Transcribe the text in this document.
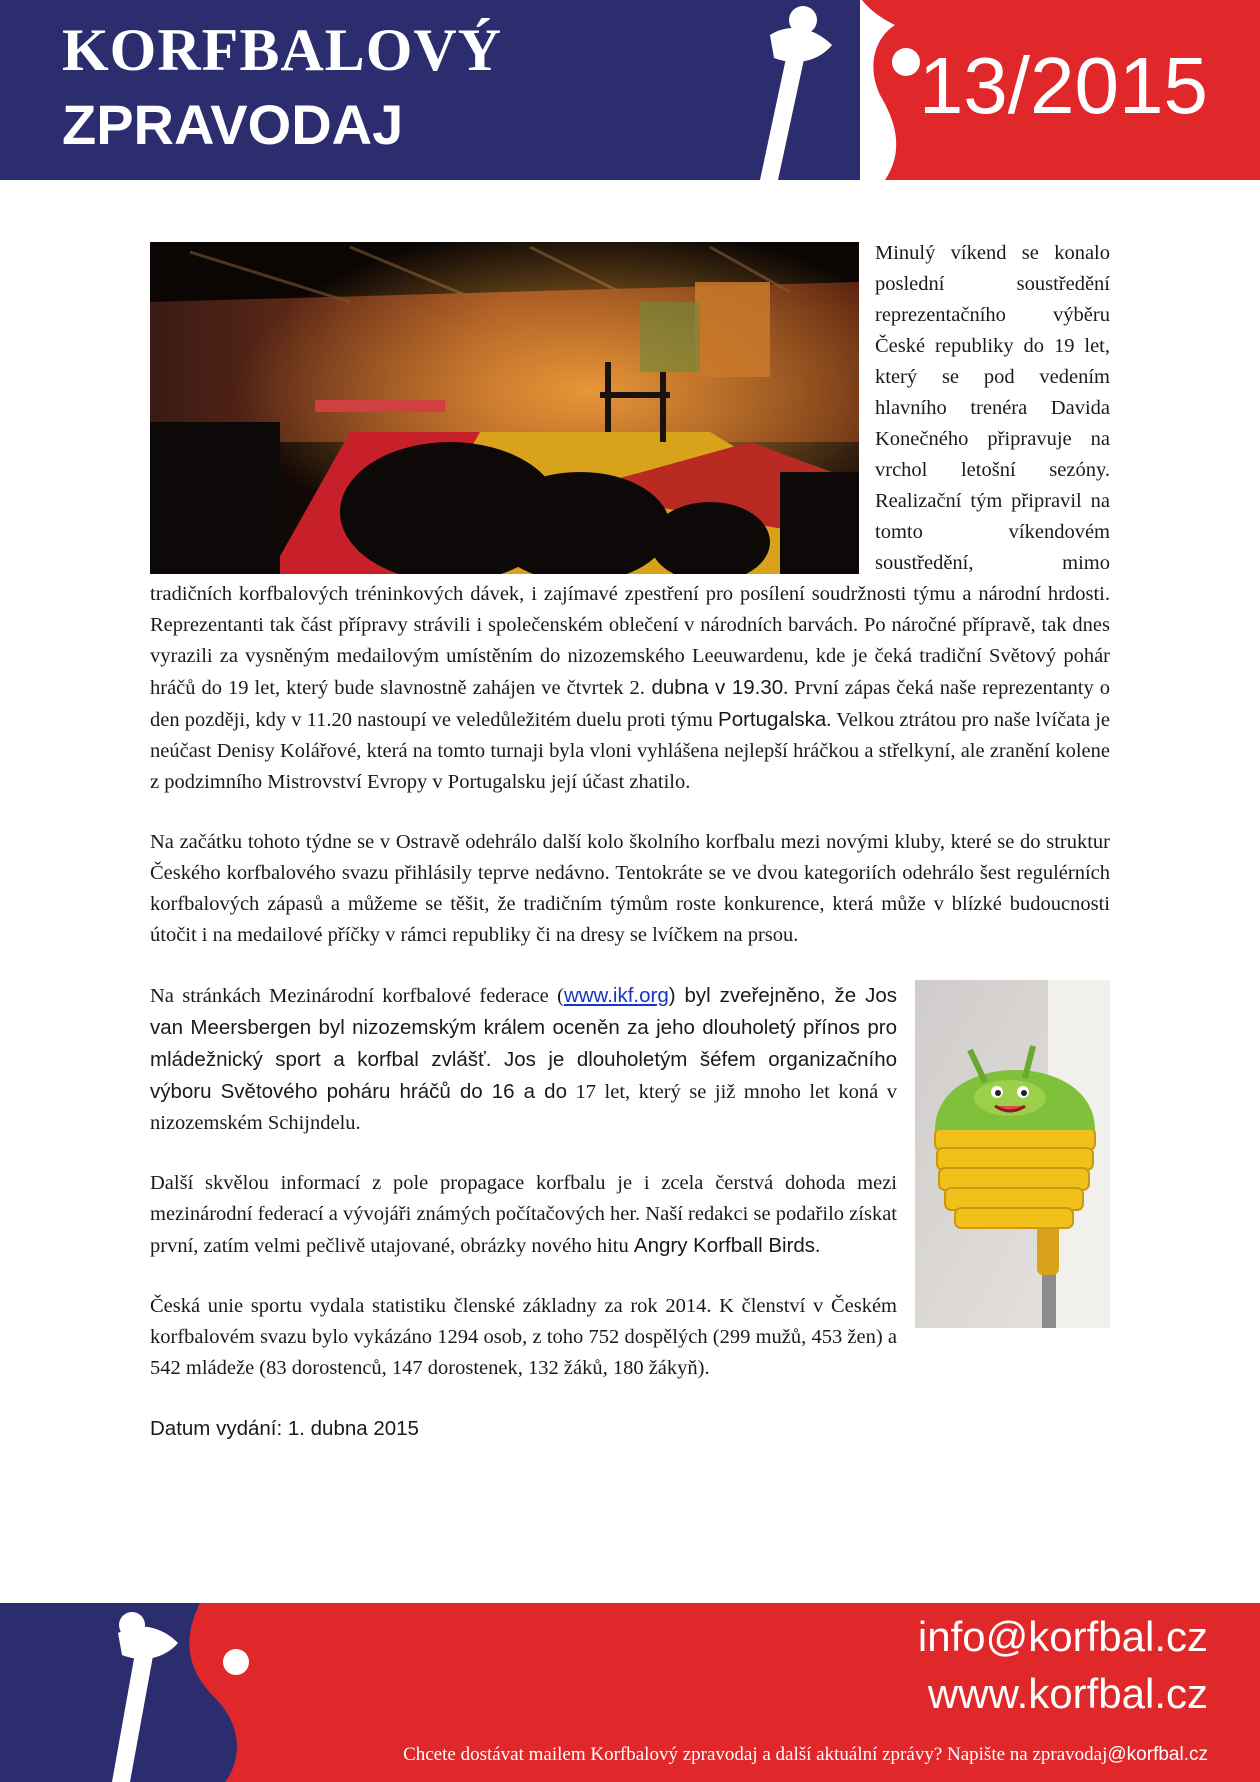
KORFBALOVÝ
ZPRAVODAJ	13/2015

Minulý víkend se konalo poslední soustředění reprezentačního výběru České republiky do 19 let, který se pod vedením hlavního trenéra Davida Konečného připravuje na vrchol letošní sezóny. Realizační tým připravil na tomto víkendovém soustředění, mimo tradičních korfbalových tréninkových dávek, i zajímavé zpestření pro posílení soudržnosti týmu a národní hrdosti. Reprezentanti tak část přípravy strávili i společenském oblečení v národních barvách. Po náročné přípravě, tak dnes vyrazili za vysněným medailovým umístěním do nizozemského Leeuwardenu, kde je čeká tradiční Světový pohár hráčů do 19 let, který bude slavnostně zahájen ve čtvrtek 2. dubna v 19.30. První zápas čeká naše reprezentanty o den později, kdy v 11.20 nastoupí ve veledůležitém duelu proti týmu Portugalska. Velkou ztrátou pro naše lvíčata je neúčast Denisy Kolářové, která na tomto turnaji byla vloni vyhlášena nejlepší hráčkou a střelkyní, ale zranění kolene z podzimního Mistrovství Evropy v Portugalsku její účast zhatilo.

Na začátku tohoto týdne se v Ostravě odehrálo další kolo školního korfbalu mezi novými kluby, které se do struktur Českého korfbalového svazu přihlásily teprve nedávno. Tentokráte se ve dvou kategoriích odehrálo šest regulérních korfbalových zápasů a můžeme se těšit, že tradičním týmům roste konkurence, která může v blízké budoucnosti útočit i na medailové příčky v rámci republiky či na dresy se lvíčkem na prsou.

Na stránkách Mezinárodní korfbalové federace (www.ikf.org) byl zveřejněno, že Jos van Meersbergen byl nizozemským králem oceněn za jeho dlouholetý přínos pro mládežnický sport a korfbal zvlášť. Jos je dlouholetým šéfem organizačního výboru Světového poháru hráčů do 16 a do 17 let, který se již mnoho let koná v nizozemském Schijndelu.

Další skvělou informací z pole propagace korfbalu je i zcela čerstvá dohoda mezi mezinárodní federací a vývojáři známých počítačových her. Naší redakci se podařilo získat první, zatím velmi pečlivě utajované, obrázky nového hitu Angry Korfball Birds.

Česká unie sportu vydala statistiku členské základny za rok 2014. K členství v Českém korfbalovém svazu bylo vykázáno 1294 osob, z toho 752 dospělých (299 mužů, 453 žen) a 542 mládeže (83 dorostenců, 147 dorostenek, 132 žáků, 180 žákyň).

Datum vydání: 1. dubna 2015

info@korfbal.cz
www.korfbal.cz
Chcete dostávat mailem Korfbalový zpravodaj a další aktuální zprávy? Napište na zpravodaj@korfbal.cz
